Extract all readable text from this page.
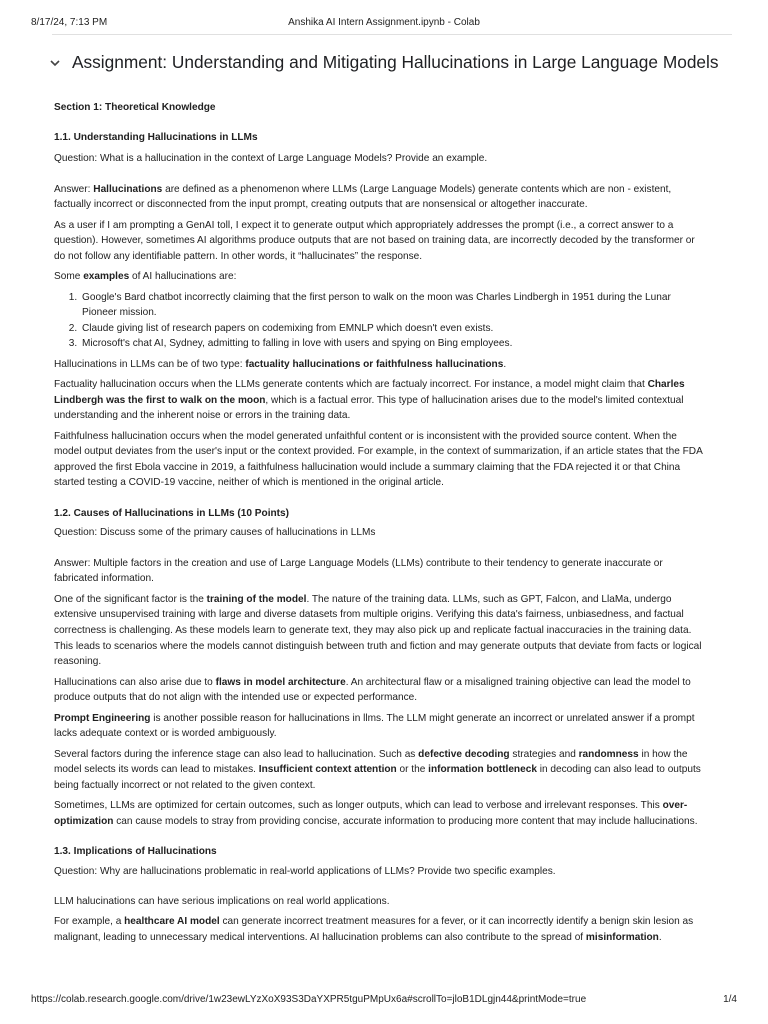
8/17/24, 7:13 PM	Anshika AI Intern Assignment.ipynb - Colab
Assignment: Understanding and Mitigating Hallucinations in Large Language Models

Section 1: Theoretical Knowledge

1.1. Understanding Hallucinations in LLMs

Question: What is a hallucination in the context of Large Language Models? Provide an example.

Answer: Hallucinations are defined as a phenomenon where LLMs (Large Language Models) generate contents which are non - existent, factually incorrect or disconnected from the input prompt, creating outputs that are nonsensical or altogether inaccurate.

As a user if I am prompting a GenAI toll, I expect it to generate output which appropriately addresses the prompt (i.e., a correct answer to a question). However, sometimes AI algorithms produce outputs that are not based on training data, are incorrectly decoded by the transformer or do not follow any identifiable pattern. In other words, it “hallucinates” the response.

Some examples of AI hallucinations are:

1. Google's Bard chatbot incorrectly claiming that the first person to walk on the moon was Charles Lindbergh in 1951 during the Lunar Pioneer mission.
2. Claude giving list of research papers on codemixing from EMNLP which doesn't even exists.
3. Microsoft's chat AI, Sydney, admitting to falling in love with users and spying on Bing employees.

Hallucinations in LLMs can be of two type: factuality hallucinations or faithfulness hallucinations.

Factuality hallucination occurs when the LLMs generate contents which are factualy incorrect. For instance, a model might claim that Charles Lindbergh was the first to walk on the moon, which is a factual error. This type of hallucination arises due to the model's limited contextual understanding and the inherent noise or errors in the training data.

Faithfulness hallucination occurs when the model generated unfaithful content or is inconsistent with the provided source content. When the model output deviates from the user's input or the context provided. For example, in the context of summarization, if an article states that the FDA approved the first Ebola vaccine in 2019, a faithfulness hallucination would include a summary claiming that the FDA rejected it or that China started testing a COVID-19 vaccine, neither of which is mentioned in the original article.

1.2. Causes of Hallucinations in LLMs (10 Points)

Question: Discuss some of the primary causes of hallucinations in LLMs

Answer: Multiple factors in the creation and use of Large Language Models (LLMs) contribute to their tendency to generate inaccurate or fabricated information.

One of the significant factor is the training of the model. The nature of the training data. LLMs, such as GPT, Falcon, and LlaMa, undergo extensive unsupervised training with large and diverse datasets from multiple origins. Verifying this data's fairness, unbiasedness, and factual correctness is challenging. As these models learn to generate text, they may also pick up and replicate factual inaccuracies in the training data. This leads to scenarios where the models cannot distinguish between truth and fiction and may generate outputs that deviate from facts or logical reasoning.

Hallucinations can also arise due to flaws in model architecture. An architectural flaw or a misaligned training objective can lead the model to produce outputs that do not align with the intended use or expected performance.

Prompt Engineering is another possible reason for hallucinations in llms. The LLM might generate an incorrect or unrelated answer if a prompt lacks adequate context or is worded ambiguously.

Several factors during the inference stage can also lead to hallucination. Such as defective decoding strategies and randomness in how the model selects its words can lead to mistakes. Insufficient context attention or the information bottleneck in decoding can also lead to outputs being factually incorrect or not related to the given context.

Sometimes, LLMs are optimized for certain outcomes, such as longer outputs, which can lead to verbose and irrelevant responses. This over-optimization can cause models to stray from providing concise, accurate information to producing more content that may include hallucinations.

1.3. Implications of Hallucinations

Question: Why are hallucinations problematic in real-world applications of LLMs? Provide two specific examples.

LLM halucinations can have serious implications on real world applications.

For example, a healthcare AI model can generate incorrect treatment measures for a fever, or it can incorrectly identify a benign skin lesion as malignant, leading to unnecessary medical interventions. AI hallucination problems can also contribute to the spread of misinformation.

https://colab.research.google.com/drive/1w23ewLYzXoX93S3DaYXPR5tguPMpUx6a#scrollTo=jloB1DLgjn44&printMode=true	1/4
